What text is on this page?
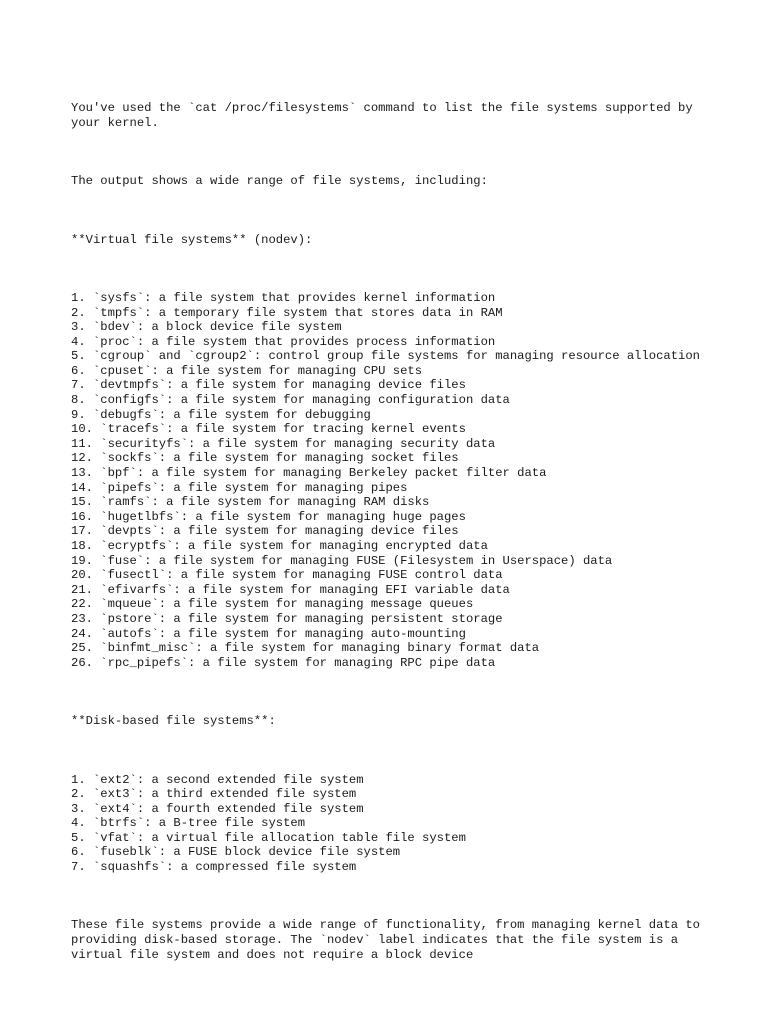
You've used the `cat /proc/filesystems` command to list the file systems supported by your kernel.

The output shows a wide range of file systems, including:

**Virtual file systems** (nodev):

1. `sysfs`: a file system that provides kernel information
2. `tmpfs`: a temporary file system that stores data in RAM
3. `bdev`: a block device file system
4. `proc`: a file system that provides process information
5. `cgroup` and `cgroup2`: control group file systems for managing resource allocation
6. `cpuset`: a file system for managing CPU sets
7. `devtmpfs`: a file system for managing device files
8. `configfs`: a file system for managing configuration data
9. `debugfs`: a file system for debugging
10. `tracefs`: a file system for tracing kernel events
11. `securityfs`: a file system for managing security data
12. `sockfs`: a file system for managing socket files
13. `bpf`: a file system for managing Berkeley packet filter data
14. `pipefs`: a file system for managing pipes
15. `ramfs`: a file system for managing RAM disks
16. `hugetlbfs`: a file system for managing huge pages
17. `devpts`: a file system for managing device files
18. `ecryptfs`: a file system for managing encrypted data
19. `fuse`: a file system for managing FUSE (Filesystem in Userspace) data
20. `fusectl`: a file system for managing FUSE control data
21. `efivarfs`: a file system for managing EFI variable data
22. `mqueue`: a file system for managing message queues
23. `pstore`: a file system for managing persistent storage
24. `autofs`: a file system for managing auto-mounting
25. `binfmt_misc`: a file system for managing binary format data
26. `rpc_pipefs`: a file system for managing RPC pipe data

**Disk-based file systems**:

1. `ext2`: a second extended file system
2. `ext3`: a third extended file system
3. `ext4`: a fourth extended file system
4. `btrfs`: a B-tree file system
5. `vfat`: a virtual file allocation table file system
6. `fuseblk`: a FUSE block device file system
7. `squashfs`: a compressed file system

These file systems provide a wide range of functionality, from managing kernel data to providing disk-based storage. The `nodev` label indicates that the file system is a virtual file system and does not require a block device
